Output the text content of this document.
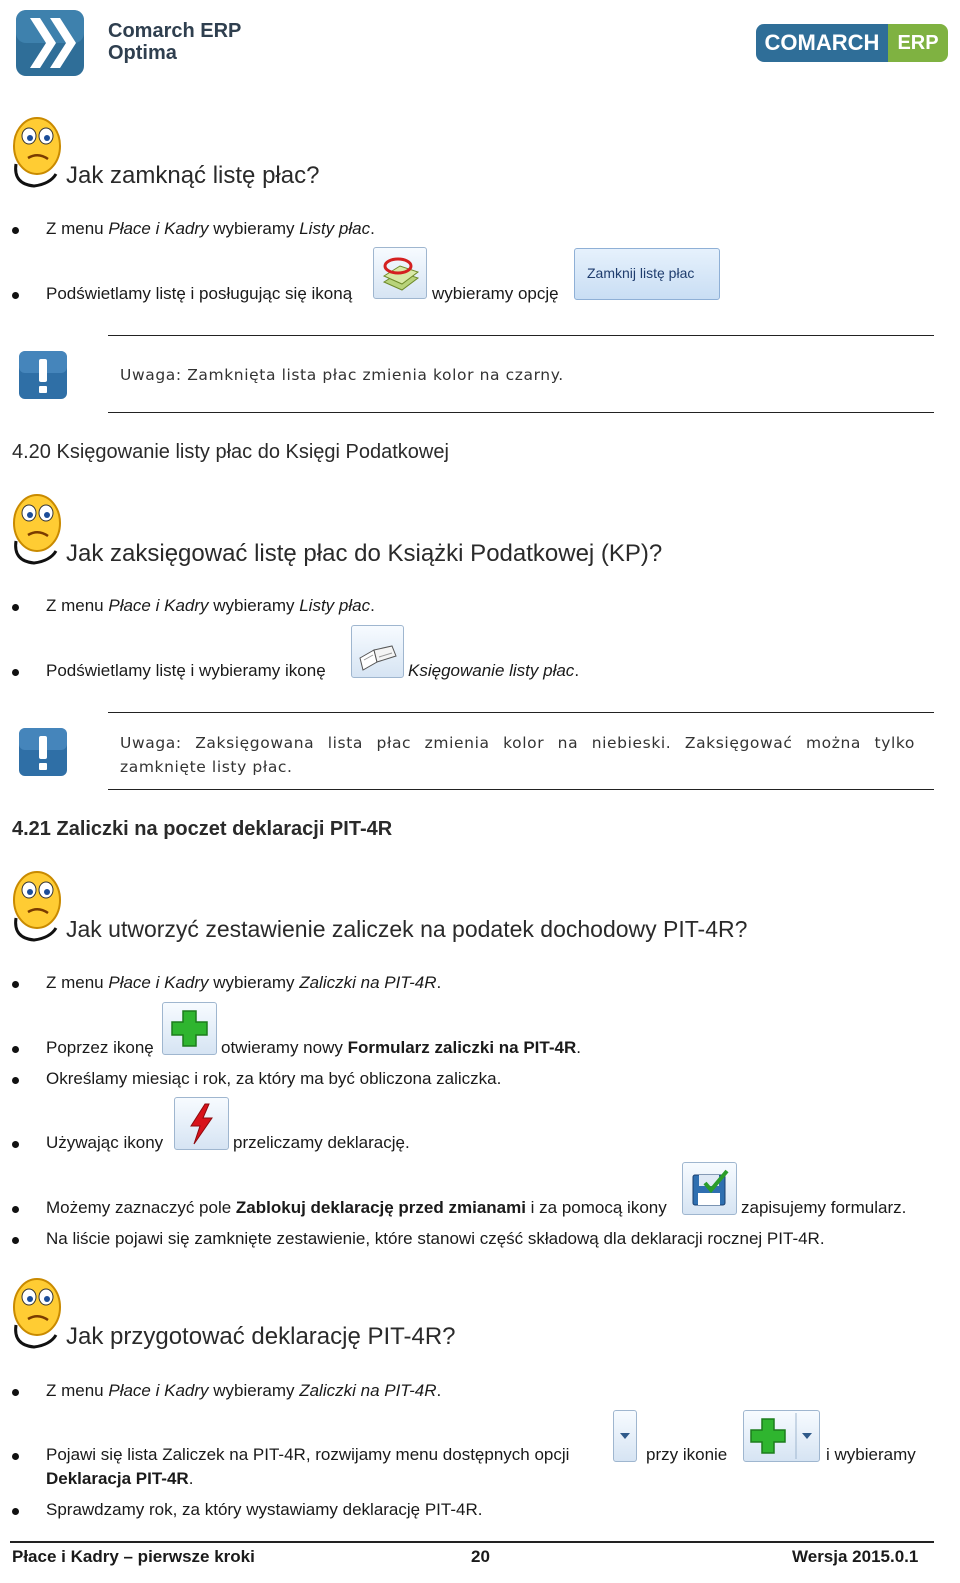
Comarch ERP
Optima	COMARCH ERP
Jak zamknąć listę płac?
Z menu Płace i Kadry wybieramy Listy płac.
Podświetlamy listę i posługując się ikoną	wybieramy opcję
Zamknij listę płac
Uwaga: Zamknięta lista płac zmienia kolor na czarny.
4.20 Księgowanie listy płac do Księgi Podatkowej
Jak zaksięgować listę płac do Książki Podatkowej (KP)?
Z menu Płace i Kadry wybieramy Listy płac.
Podświetlamy listę i wybieramy ikonę	Księgowanie listy płac.
Uwaga: Zaksięgowana lista płac zmienia kolor na niebieski. Zaksięgować można tylko zamknięte listy płac.
4.21 Zaliczki na poczet deklaracji PIT-4R
Jak utworzyć zestawienie zaliczek na podatek dochodowy PIT-4R?
Z menu Płace i Kadry wybieramy Zaliczki na PIT-4R.
Poprzez ikonę	otwieramy nowy Formularz zaliczki na PIT-4R.
Określamy miesiąc i rok, za który ma być obliczona zaliczka.
Używając ikony	przeliczamy deklarację.
Możemy zaznaczyć pole Zablokuj deklarację przed zmianami i za pomocą ikony	zapisujemy formularz.
Na liście pojawi się zamknięte zestawienie, które stanowi część składową dla deklaracji rocznej PIT-4R.
Jak przygotować deklarację PIT-4R?
Z menu Płace i Kadry wybieramy Zaliczki na PIT-4R.
Pojawi się lista Zaliczek na PIT-4R, rozwijamy menu dostępnych opcji	przy ikonie	i wybieramy
Deklaracja PIT-4R.
Sprawdzamy rok, za który wystawiamy deklarację PIT-4R.
Płace i Kadry – pierwsze kroki	20	Wersja 2015.0.1
